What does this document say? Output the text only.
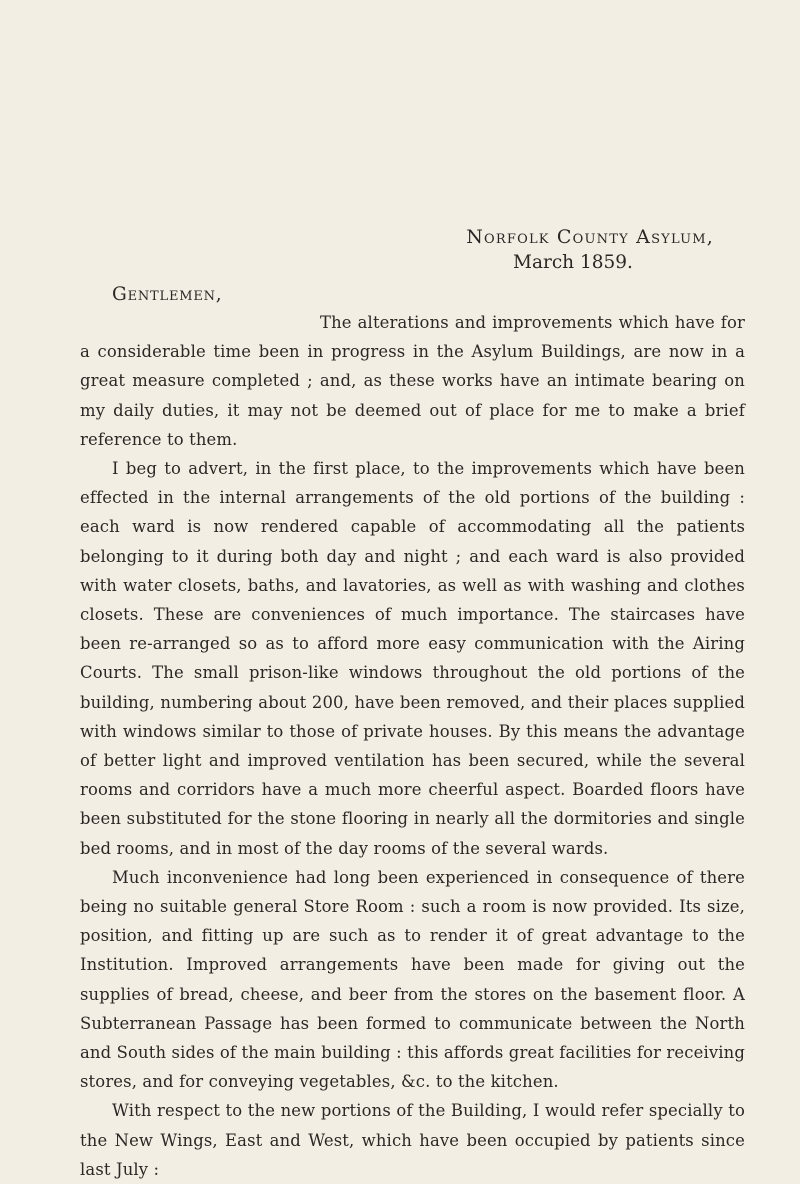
Norfolk County Asylum,
March 1859.
Gentlemen,

The alterations and improvements which have for a considerable time been in progress in the Asylum Buildings, are now in a great measure completed ; and, as these works have an intimate bearing on my daily duties, it may not be deemed out of place for me to make a brief reference to them.

I beg to advert, in the first place, to the improvements which have been effected in the internal arrangements of the old portions of the building : each ward is now rendered capable of accommodating all the patients belonging to it during both day and night ; and each ward is also provided with water closets, baths, and lavatories, as well as with washing and clothes closets. These are conveniences of much importance. The staircases have been re-arranged so as to afford more easy communication with the Airing Courts. The small prison-like windows throughout the old portions of the building, numbering about 200, have been removed, and their places supplied with windows similar to those of private houses. By this means the advantage of better light and improved ventilation has been secured, while the several rooms and corridors have a much more cheerful aspect. Boarded floors have been substituted for the stone flooring in nearly all the dormitories and single bed rooms, and in most of the day rooms of the several wards.

Much inconvenience had long been experienced in consequence of there being no suitable general Store Room : such a room is now provided. Its size, position, and fitting up are such as to render it of great advantage to the Institution. Improved arrangements have been made for giving out the supplies of bread, cheese, and beer from the stores on the basement floor. A Subterranean Passage has been formed to communicate between the North and South sides of the main building : this affords great facilities for receiving stores, and for conveying vegetables, &c. to the kitchen.

With respect to the new portions of the Building, I would refer specially to the New Wings, East and West, which have been occupied by patients since last July :
